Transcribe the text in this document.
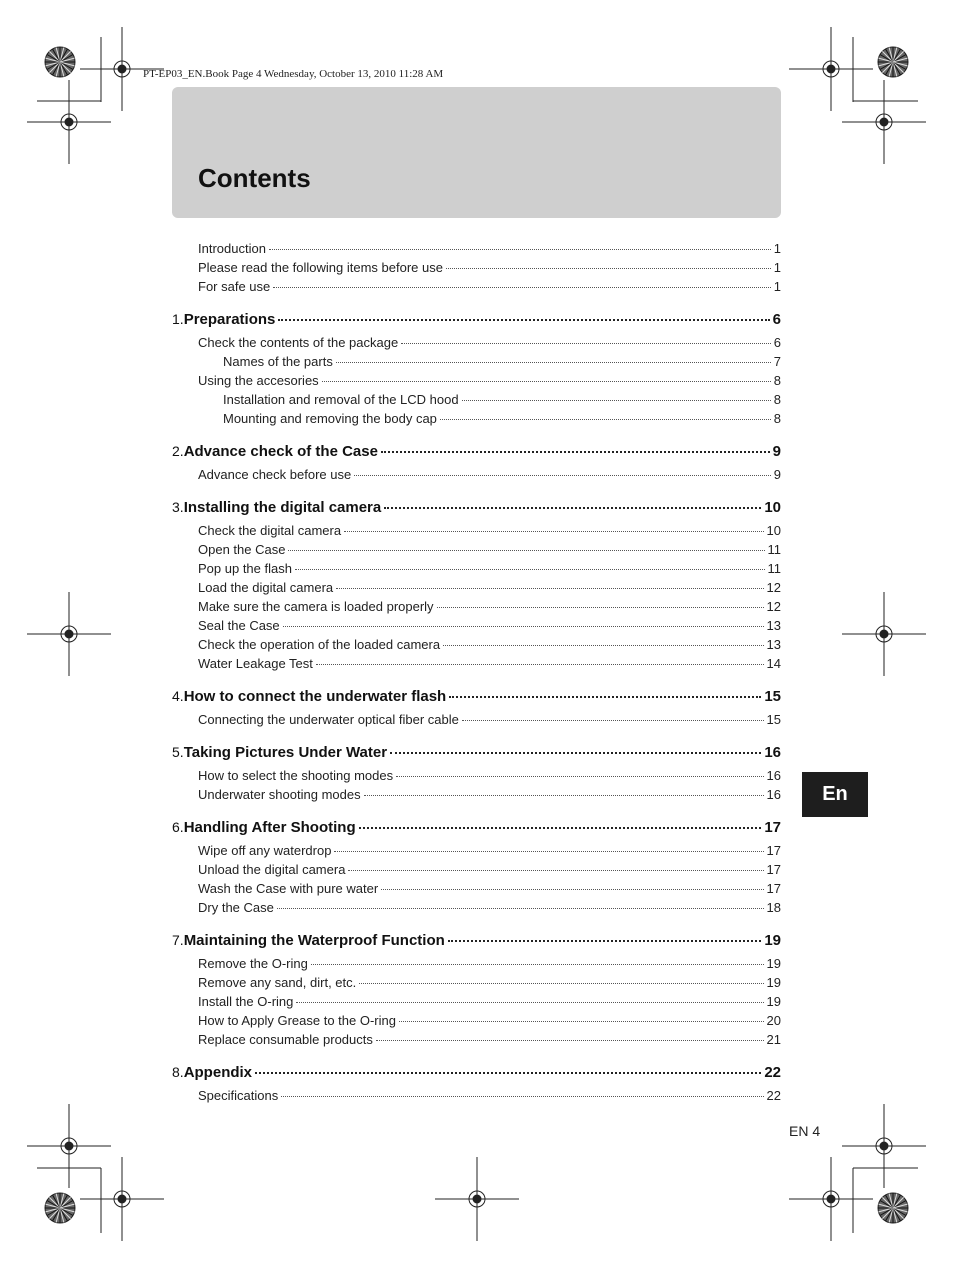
PT-EP03_EN.Book Page 4 Wednesday, October 13, 2010 11:28 AM
Contents
Introduction	1
Please read the following items before use	1
For safe use	1
1. Preparations	6
Check the contents of the package	6
Names of the parts	7
Using the accesories	8
Installation and removal of the LCD hood	8
Mounting and removing the body cap	8
2. Advance check of the Case	9
Advance check before use	9
3. Installing the digital camera	10
Check the digital camera	10
Open the Case	11
Pop up the flash	11
Load the digital camera	12
Make sure the camera is loaded properly	12
Seal the Case	13
Check the operation of the loaded camera	13
Water Leakage Test	14
4. How to connect the underwater flash	15
Connecting the underwater optical fiber cable	15
5. Taking Pictures Under Water	16
How to select the shooting modes	16
Underwater shooting modes	16
6. Handling After Shooting	17
Wipe off any waterdrop	17
Unload the digital camera	17
Wash the Case with pure water	17
Dry the Case	18
7. Maintaining the Waterproof Function	19
Remove the O-ring	19
Remove any sand, dirt, etc.	19
Install the O-ring	19
How to Apply Grease to the O-ring	20
Replace consumable products	21
8. Appendix	22
Specifications	22
En
EN 4
